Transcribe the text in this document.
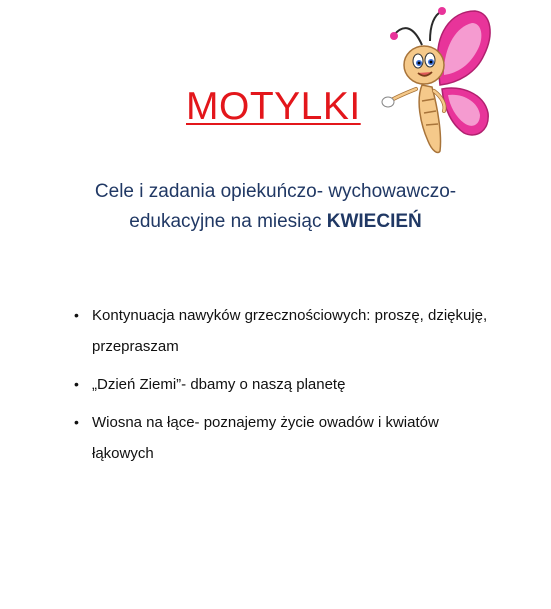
MOTYLKI

Cele i zadania opiekuńczo- wychowawczo-
edukacyjne na miesiąc KWIECIEŃ

• Kontynuacja nawyków grzecznościowych: proszę, dziękuję, przepraszam
• „Dzień Ziemi”- dbamy o naszą planetę
• Wiosna na łące- poznajemy życie owadów i kwiatów łąkowych
